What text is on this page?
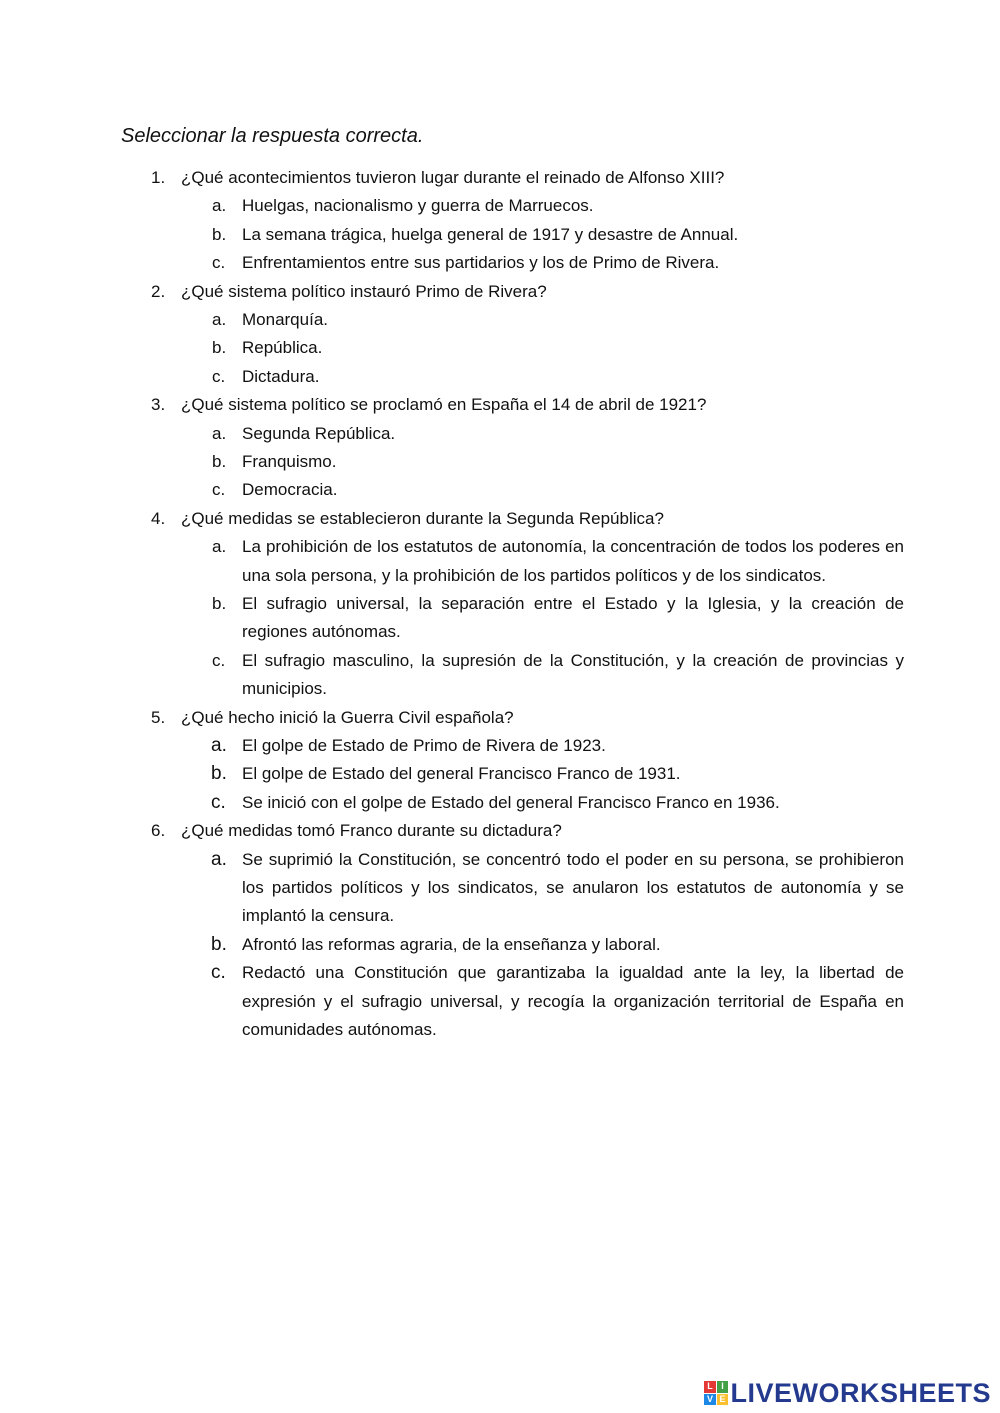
Seleccionar la respuesta correcta.

1. ¿Qué acontecimientos tuvieron lugar durante el reinado de Alfonso XIII?
a. Huelgas, nacionalismo y guerra de Marruecos.
b. La semana trágica, huelga general de 1917 y desastre de Annual.
c. Enfrentamientos entre sus partidarios y los de Primo de Rivera.
2. ¿Qué sistema político instauró Primo de Rivera?
a. Monarquía.
b. República.
c. Dictadura.
3. ¿Qué sistema político se proclamó en España el 14 de abril de 1921?
a. Segunda República.
b. Franquismo.
c. Democracia.
4. ¿Qué medidas se establecieron durante la Segunda República?
a. La prohibición de los estatutos de autonomía, la concentración de todos los poderes en una sola persona, y la prohibición de los partidos políticos y de los sindicatos.
b. El sufragio universal, la separación entre el Estado y la Iglesia, y la creación de regiones autónomas.
c. El sufragio masculino, la supresión de la Constitución, y la creación de provincias y municipios.
5. ¿Qué hecho inició la Guerra Civil española?
a. El golpe de Estado de Primo de Rivera de 1923.
b. El golpe de Estado del general Francisco Franco de 1931.
c. Se inició con el golpe de Estado del general Francisco Franco en 1936.
6. ¿Qué medidas tomó Franco durante su dictadura?
a. Se suprimió la Constitución, se concentró todo el poder en su persona, se prohibieron los partidos políticos y los sindicatos, se anularon los estatutos de autonomía y se implantó la censura.
b. Afrontó las reformas agraria, de la enseñanza y laboral.
c. Redactó una Constitución que garantizaba la igualdad ante la ley, la libertad de expresión y el sufragio universal, y recogía la organización territorial de España en comunidades autónomas.
L I
V E LIVEWORKSHEETS
